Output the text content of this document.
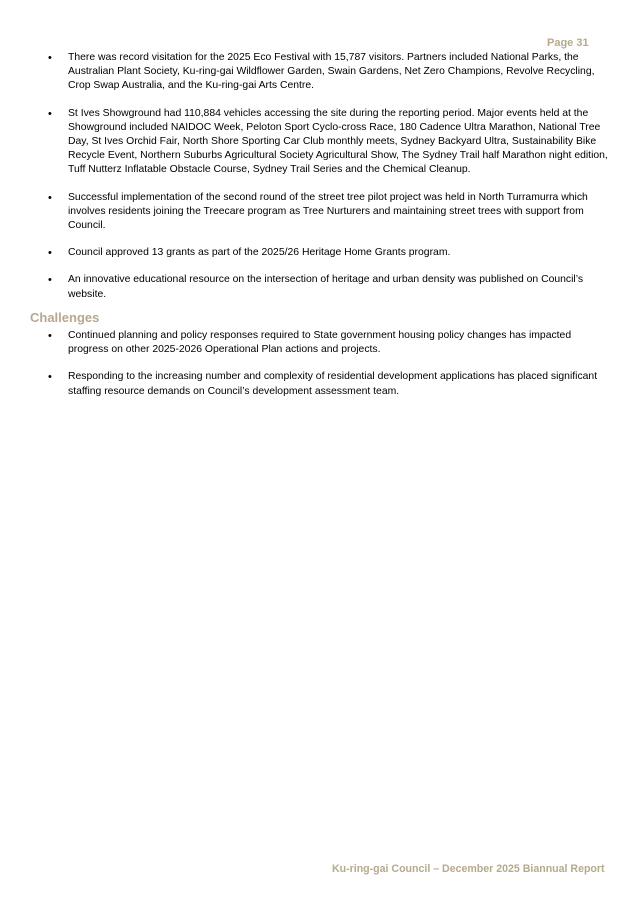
Page 31
• There was record visitation for the 2025 Eco Festival with 15,787 visitors. Partners included National Parks, the Australian Plant Society, Ku-ring-gai Wildflower Garden, Swain Gardens, Net Zero Champions, Revolve Recycling, Crop Swap Australia, and the Ku-ring-gai Arts Centre.
• St Ives Showground had 110,884 vehicles accessing the site during the reporting period. Major events held at the Showground included NAIDOC Week, Peloton Sport Cyclo-cross Race, 180 Cadence Ultra Marathon, National Tree Day, St Ives Orchid Fair, North Shore Sporting Car Club monthly meets, Sydney Backyard Ultra, Sustainability Bike Recycle Event, Northern Suburbs Agricultural Society Agricultural Show, The Sydney Trail half Marathon night edition, Tuff Nutterz Inflatable Obstacle Course, Sydney Trail Series and the Chemical Cleanup.
• Successful implementation of the second round of the street tree pilot project was held in North Turramurra which involves residents joining the Treecare program as Tree Nurturers and maintaining street trees with support from Council.
• Council approved 13 grants as part of the 2025/26 Heritage Home Grants program.
• An innovative educational resource on the intersection of heritage and urban density was published on Council’s website.
Challenges
• Continued planning and policy responses required to State government housing policy changes has impacted progress on other 2025-2026 Operational Plan actions and projects.
• Responding to the increasing number and complexity of residential development applications has placed significant staffing resource demands on Council’s development assessment team.
Ku-ring-gai Council – December 2025 Biannual Report
